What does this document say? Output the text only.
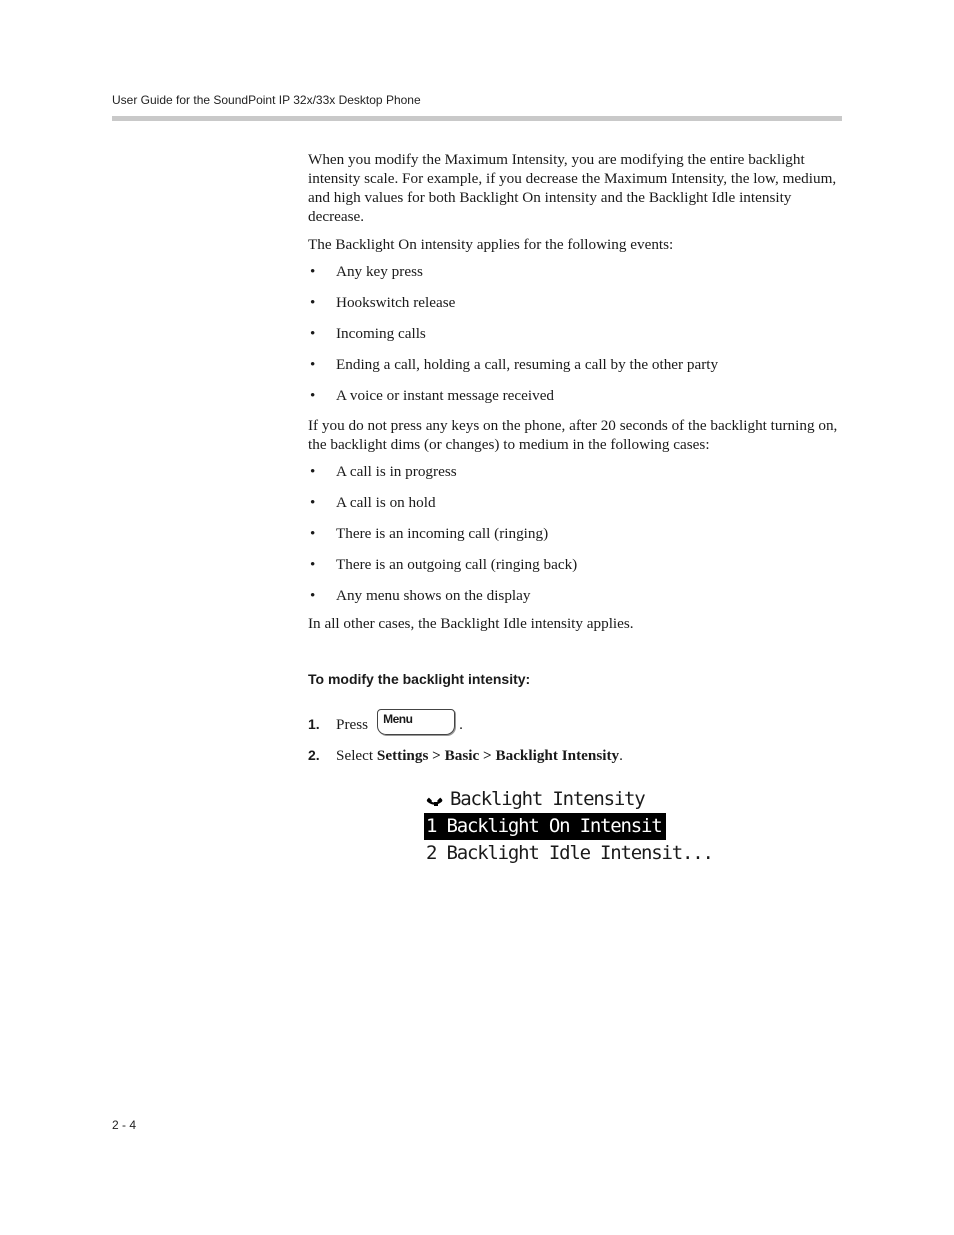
User Guide for the SoundPoint IP 32x/33x Desktop Phone

When you modify the Maximum Intensity, you are modifying the entire backlight intensity scale. For example, if you decrease the Maximum Intensity, the low, medium, and high values for both Backlight On intensity and the Backlight Idle intensity decrease.

The Backlight On intensity applies for the following events:

• Any key press
• Hookswitch release
• Incoming calls
• Ending a call, holding a call, resuming a call by the other party
• A voice or instant message received

If you do not press any keys on the phone, after 20 seconds of the backlight turning on, the backlight dims (or changes) to medium in the following cases:

• A call is in progress
• A call is on hold
• There is an incoming call (ringing)
• There is an outgoing call (ringing back)
• Any menu shows on the display

In all other cases, the Backlight Idle intensity applies.

To modify the backlight intensity:

1. Press Menu	.
2. Select Settings > Basic > Backlight Intensity.
Backlight Intensity
1 Backlight On Intensit...
2 Backlight Idle Intensit...
2 - 4
